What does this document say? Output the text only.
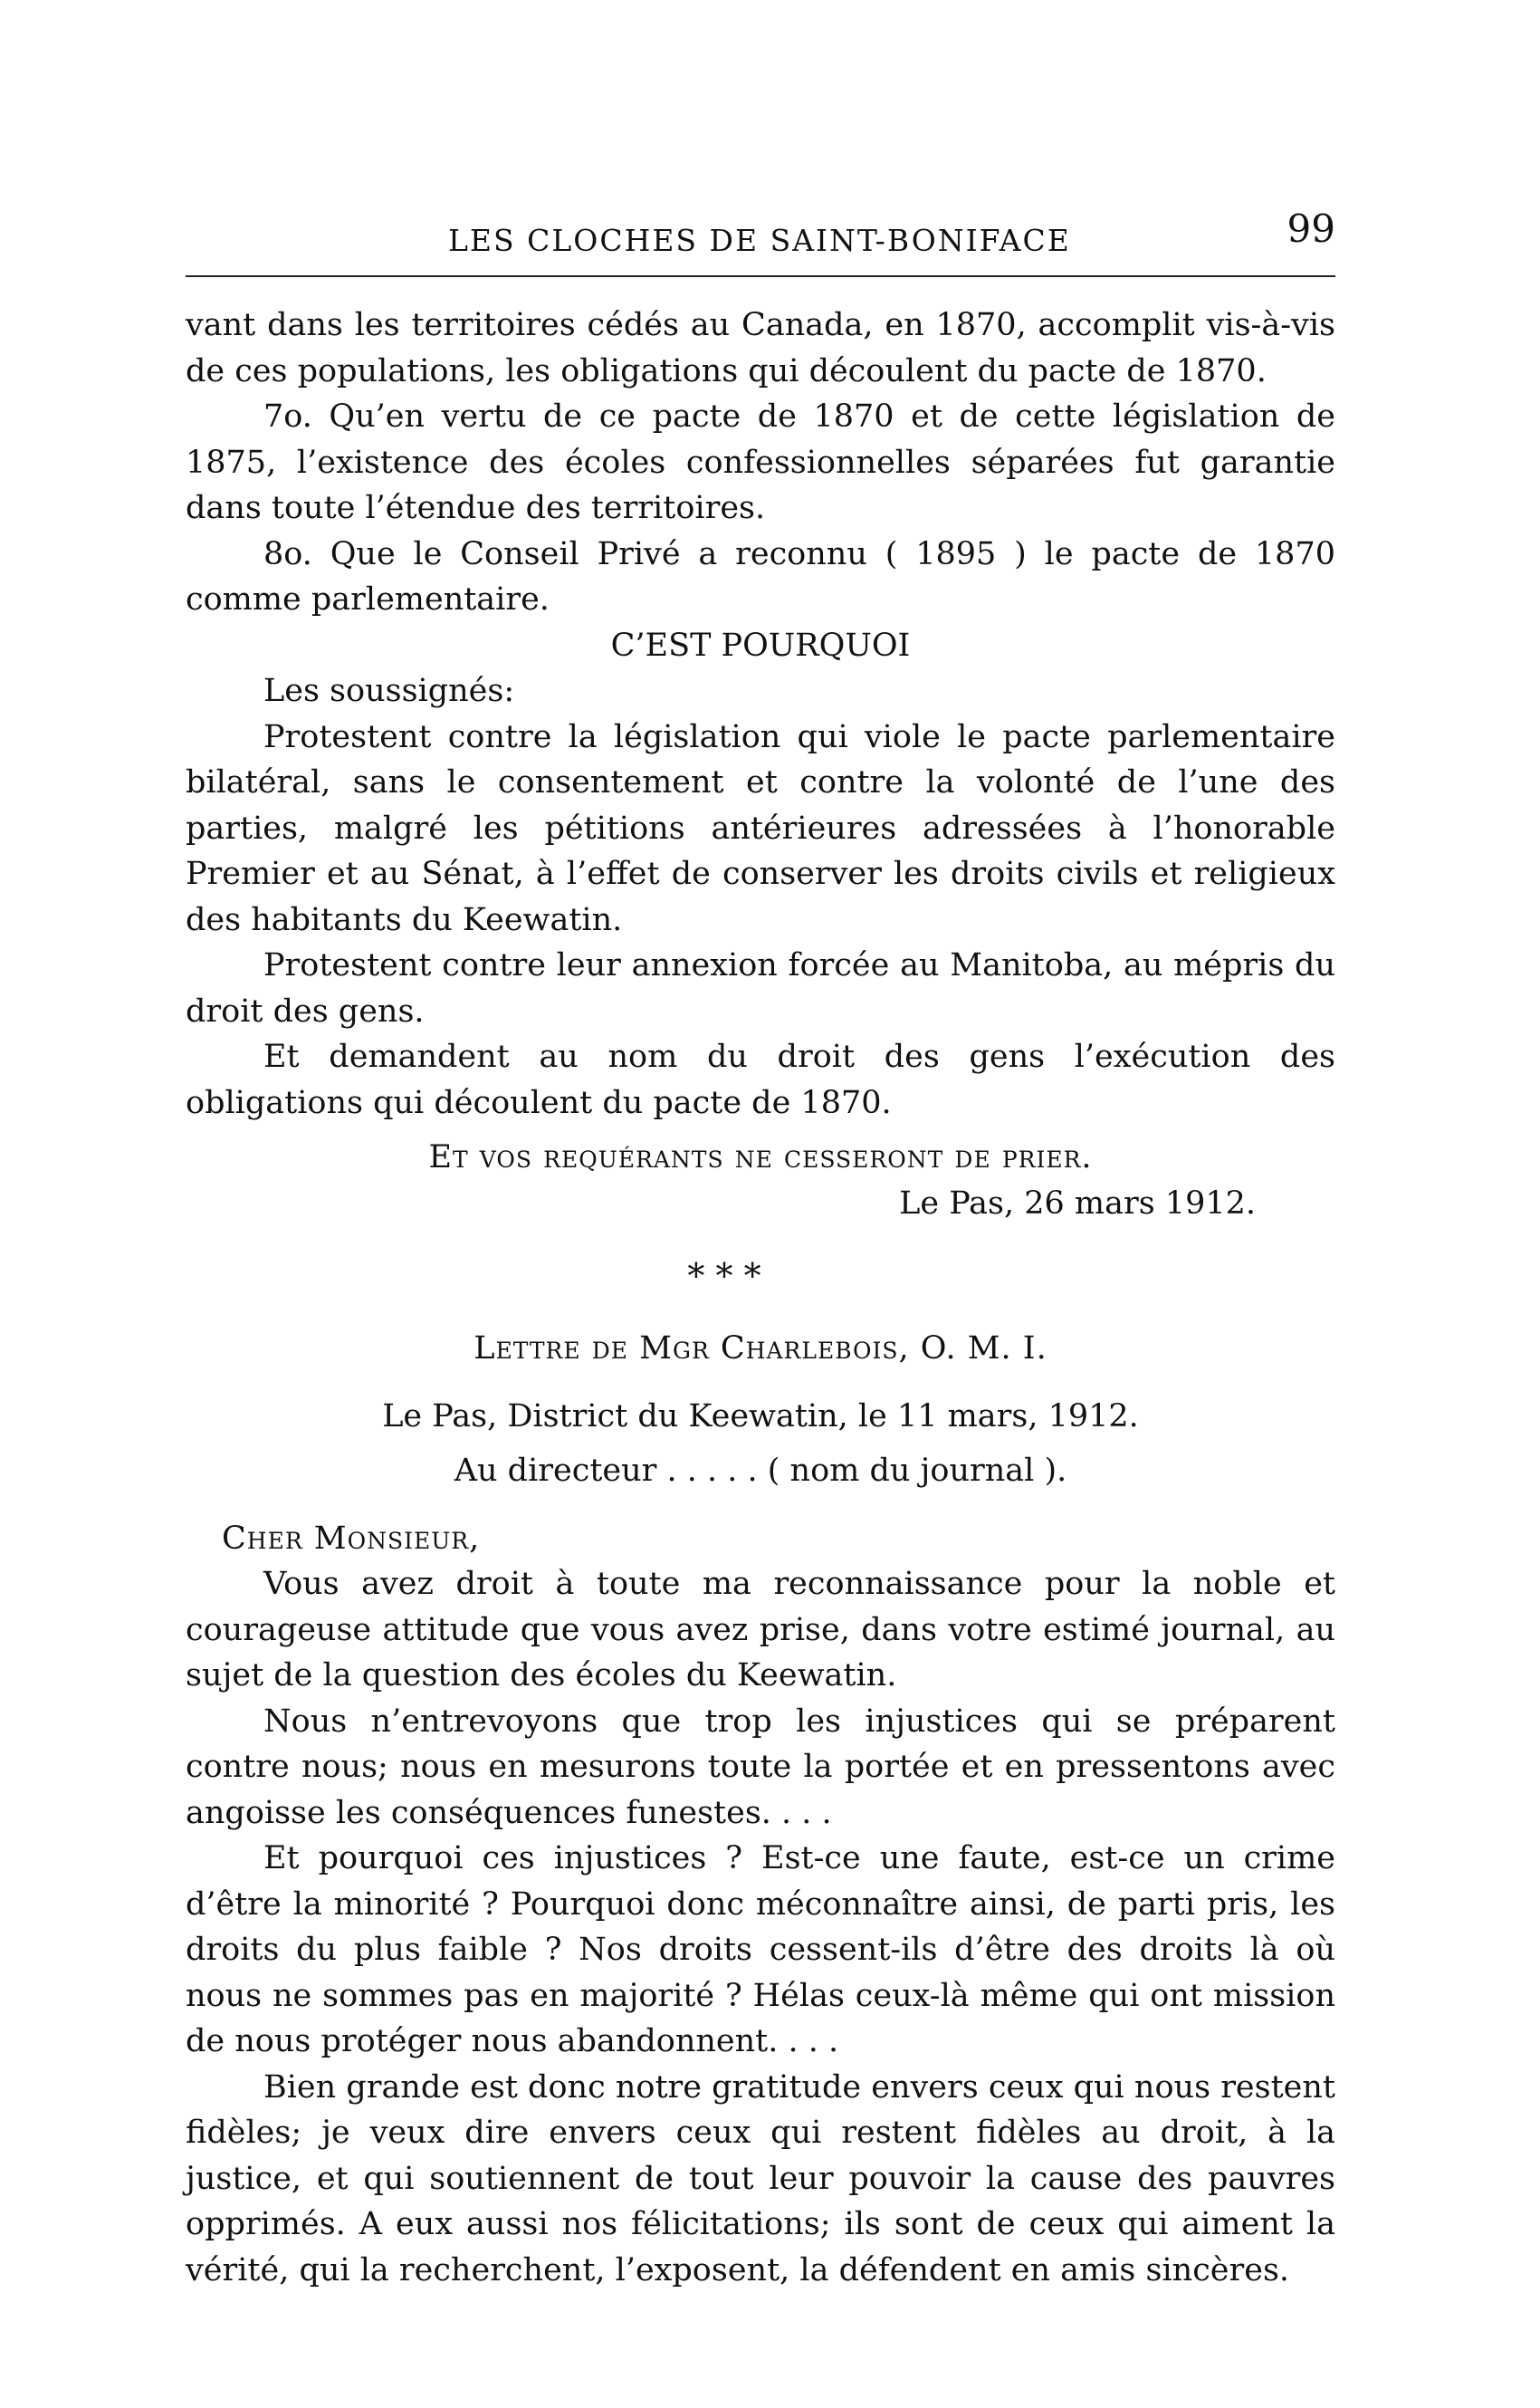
LES CLOCHES DE SAINT-BONIFACE	99

vant dans les territoires cédés au Canada, en 1870, accomplit vis-à-vis de ces populations, les obligations qui découlent du pacte de 1870.

7o. Qu’en vertu de ce pacte de 1870 et de cette législation de 1875, l’existence des écoles confessionnelles séparées fut garantie dans toute l’étendue des territoires.

8o. Que le Conseil Privé a reconnu ( 1895 ) le pacte de 1870 comme parlementaire.

C’EST POURQUOI

Les soussignés:

Protestent contre la législation qui viole le pacte parlementaire bilatéral, sans le consentement et contre la volonté de l’une des parties, malgré les pétitions antérieures adressées à l’honorable Premier et au Sénat, à l’effet de conserver les droits civils et religieux des habitants du Keewatin.

Protestent contre leur annexion forcée au Manitoba, au mépris du droit des gens.

Et demandent au nom du droit des gens l’exécution des obligations qui découlent du pacte de 1870.

Et vos requérants ne cesseront de prier.

Le Pas, 26 mars 1912.

* * *

Lettre de Mgr Charlebois, O. M. I.

Le Pas, District du Keewatin, le 11 mars, 1912.

Au directeur . . . . . ( nom du journal ).

Cher Monsieur,

Vous avez droit à toute ma reconnaissance pour la noble et courageuse attitude que vous avez prise, dans votre estimé journal, au sujet de la question des écoles du Keewatin.

Nous n’entrevoyons que trop les injustices qui se préparent contre nous; nous en mesurons toute la portée et en pressentons avec angoisse les conséquences funestes. . . .

Et pourquoi ces injustices ? Est-ce une faute, est-ce un crime d’être la minorité ? Pourquoi donc méconnaître ainsi, de parti pris, les droits du plus faible ? Nos droits cessent-ils d’être des droits là où nous ne sommes pas en majorité ? Hélas ceux-là même qui ont mission de nous protéger nous abandonnent. . . .

Bien grande est donc notre gratitude envers ceux qui nous restent fidèles; je veux dire envers ceux qui restent fidèles au droit, à la justice, et qui soutiennent de tout leur pouvoir la cause des pauvres opprimés. A eux aussi nos félicitations; ils sont de ceux qui aiment la vérité, qui la recherchent, l’exposent, la défendent en amis sincères.
